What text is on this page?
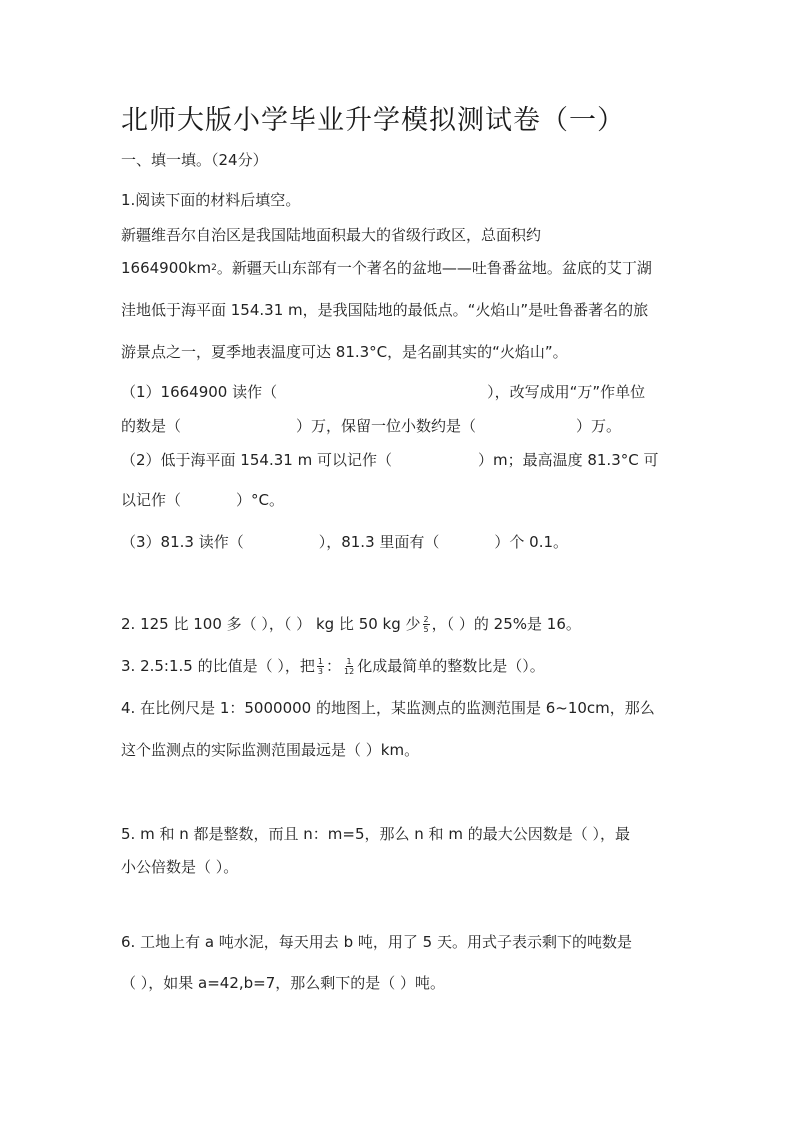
北师大版小学毕业升学模拟测试卷（一）
一、填一填。（24分）
1.阅读下面的材料后填空。
新疆维吾尔自治区是我国陆地面积最大的省级行政区，总面积约
$1664900km^2$。新疆天山东部有一个著名的盆地——吐鲁番盆地。盆底的艾丁湖
洼地低于海平面 154.31 m，是我国陆地的最低点。“火焰山”是吐鲁番著名的旅
游景点之一，夏季地表温度可达 81.3°C，是名副其实的“火焰山”。
（1）1664900 读作（	），改写成用“万”作单位
的数是（	）万，保留一位小数约是（	）万。
（2）低于海平面 154.31 m 可以记作（	）m；最高温度 81.3°C 可
以记作（	）°C。
（3）81.3 读作（	），81.3 里面有（	）个 0.1。
2. 125 比 100 多（ ），（ ） kg 比 50 kg 少 $\frac{2}{5}$ ，（ ）的 25%是 16。
3. 2.5:1.5 的比值是（ ），把 $\frac{1}{3}$ ： $\frac{1}{12}$ 化成最简单的整数比是（）。
4. 在比例尺是 1：5000000 的地图上，某监测点的监测范围是 6~10cm，那么
这个监测点的实际监测范围最远是（ ）km。
5. m 和 n 都是整数，而且 n：m=5，那么 n 和 m 的最大公因数是（ ），最
小公倍数是（ ）。
6. 工地上有 a 吨水泥，每天用去 b 吨，用了 5 天。用式子表示剩下的吨数是
（ ），如果 a=42,b=7，那么剩下的是（ ）吨。
